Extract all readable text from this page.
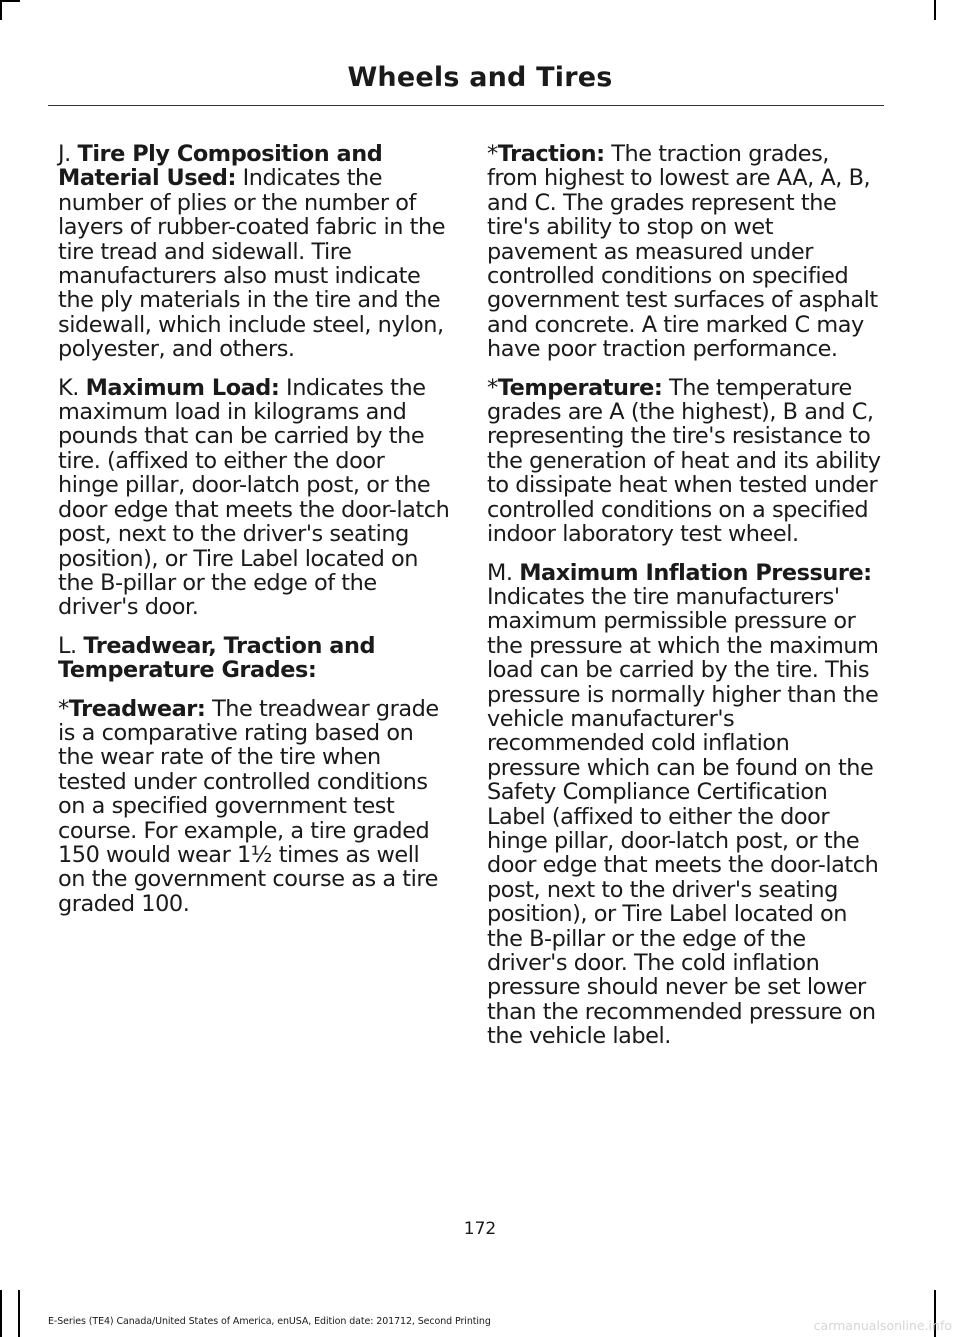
Wheels and Tires

J. Tire Ply Composition and Material Used: Indicates the number of plies or the number of layers of rubber-coated fabric in the tire tread and sidewall. Tire manufacturers also must indicate the ply materials in the tire and the sidewall, which include steel, nylon, polyester, and others.

K. Maximum Load: Indicates the maximum load in kilograms and pounds that can be carried by the tire. (affixed to either the door hinge pillar, door-latch post, or the door edge that meets the door-latch post, next to the driver's seating position), or Tire Label located on the B-pillar or the edge of the driver's door.

L. Treadwear, Traction and Temperature Grades:

*Treadwear: The treadwear grade is a comparative rating based on the wear rate of the tire when tested under controlled conditions on a specified government test course. For example, a tire graded 150 would wear 1½ times as well on the government course as a tire graded 100.

*Traction: The traction grades, from highest to lowest are AA, A, B, and C. The grades represent the tire's ability to stop on wet pavement as measured under controlled conditions on specified government test surfaces of asphalt and concrete. A tire marked C may have poor traction performance.

*Temperature: The temperature grades are A (the highest), B and C, representing the tire's resistance to the generation of heat and its ability to dissipate heat when tested under controlled conditions on a specified indoor laboratory test wheel.

M. Maximum Inflation Pressure: Indicates the tire manufacturers' maximum permissible pressure or the pressure at which the maximum load can be carried by the tire. This pressure is normally higher than the vehicle manufacturer's recommended cold inflation pressure which can be found on the Safety Compliance Certification Label (affixed to either the door hinge pillar, door-latch post, or the door edge that meets the door-latch post, next to the driver's seating position), or Tire Label located on the B-pillar or the edge of the driver's door. The cold inflation pressure should never be set lower than the recommended pressure on the vehicle label.

172
E-Series (TE4) Canada/United States of America, enUSA, Edition date: 201712, Second Printing	carmanualsonline.info
